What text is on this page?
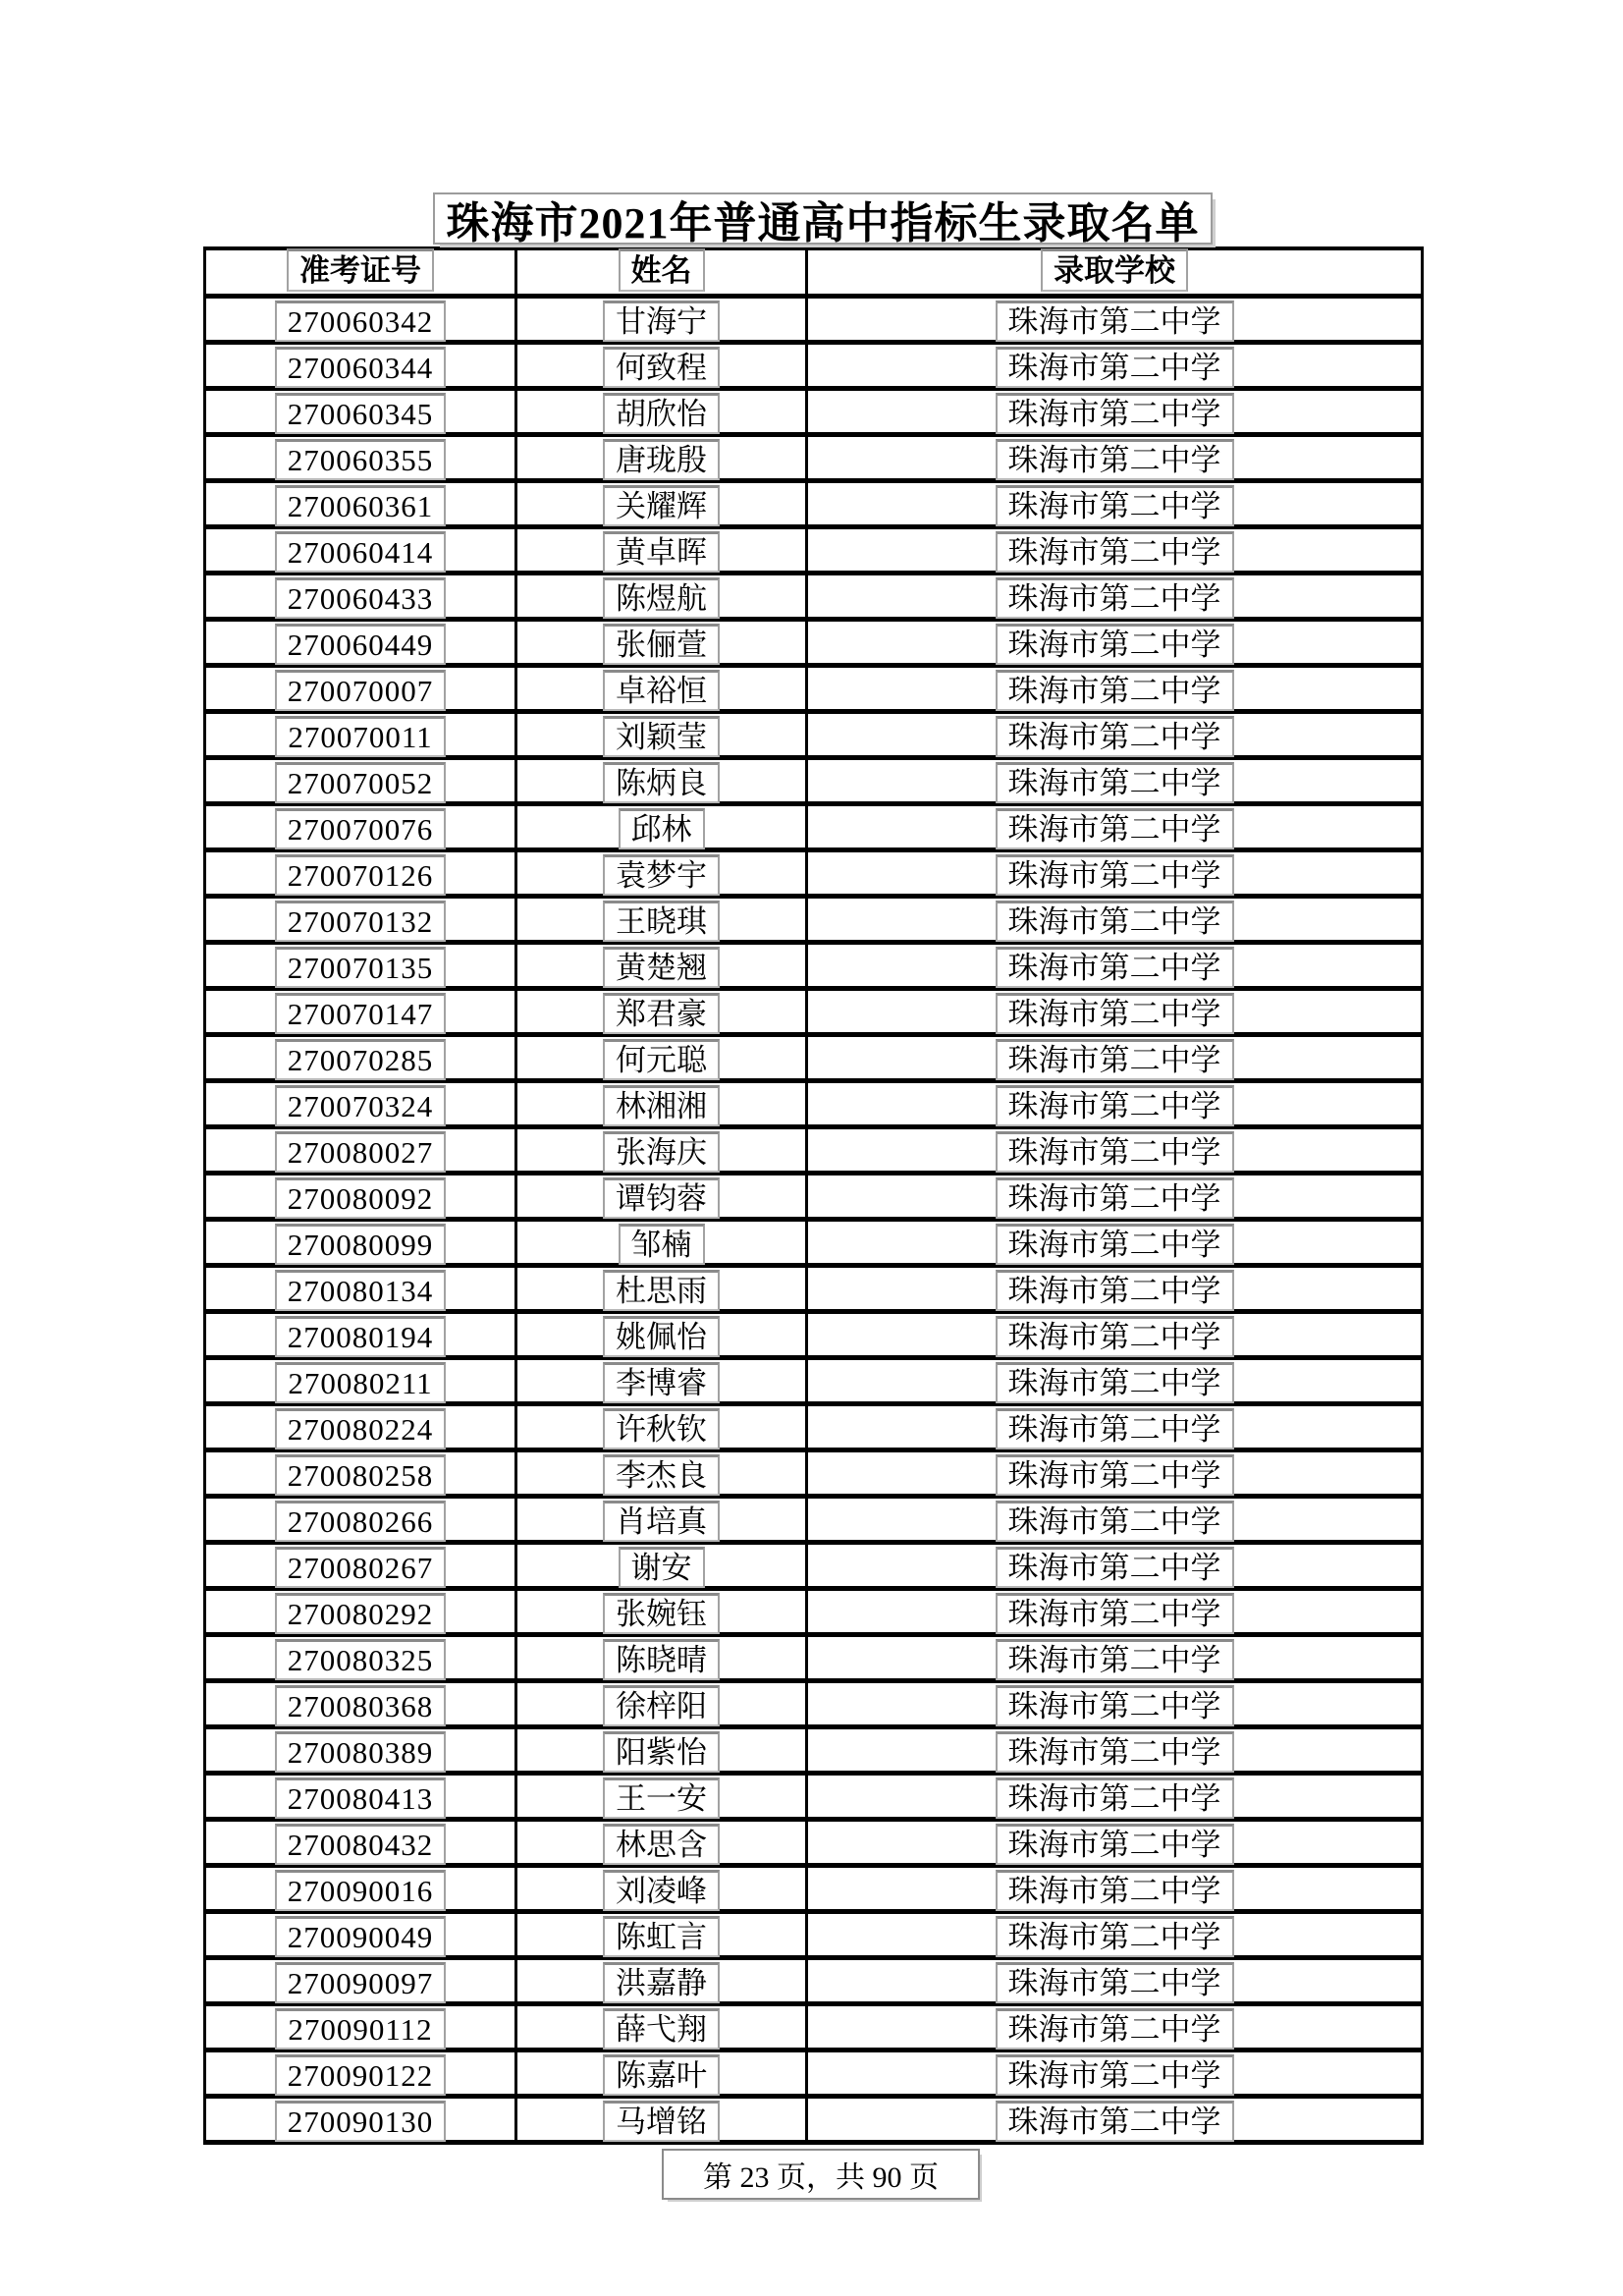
珠海市2021年普通高中指标生录取名单
准考证号	姓名	录取学校
270060342	甘海宁	珠海市第二中学
270060344	何致程	珠海市第二中学
270060345	胡欣怡	珠海市第二中学
270060355	唐珑殷	珠海市第二中学
270060361	关耀辉	珠海市第二中学
270060414	黄卓晖	珠海市第二中学
270060433	陈煜航	珠海市第二中学
270060449	张俪萱	珠海市第二中学
270070007	卓裕恒	珠海市第二中学
270070011	刘颖莹	珠海市第二中学
270070052	陈炳良	珠海市第二中学
270070076	邱林	珠海市第二中学
270070126	袁梦宇	珠海市第二中学
270070132	王晓琪	珠海市第二中学
270070135	黄楚翘	珠海市第二中学
270070147	郑君豪	珠海市第二中学
270070285	何元聪	珠海市第二中学
270070324	林湘湘	珠海市第二中学
270080027	张海庆	珠海市第二中学
270080092	谭钧蓉	珠海市第二中学
270080099	邹楠	珠海市第二中学
270080134	杜思雨	珠海市第二中学
270080194	姚佩怡	珠海市第二中学
270080211	李博睿	珠海市第二中学
270080224	许秋钦	珠海市第二中学
270080258	李杰良	珠海市第二中学
270080266	肖培真	珠海市第二中学
270080267	谢安	珠海市第二中学
270080292	张婉钰	珠海市第二中学
270080325	陈晓晴	珠海市第二中学
270080368	徐梓阳	珠海市第二中学
270080389	阳紫怡	珠海市第二中学
270080413	王一安	珠海市第二中学
270080432	林思含	珠海市第二中学
270090016	刘凌峰	珠海市第二中学
270090049	陈虹言	珠海市第二中学
270090097	洪嘉静	珠海市第二中学
270090112	薛弋翔	珠海市第二中学
270090122	陈嘉叶	珠海市第二中学
270090130	马增铭	珠海市第二中学
第 23 页，共 90 页
